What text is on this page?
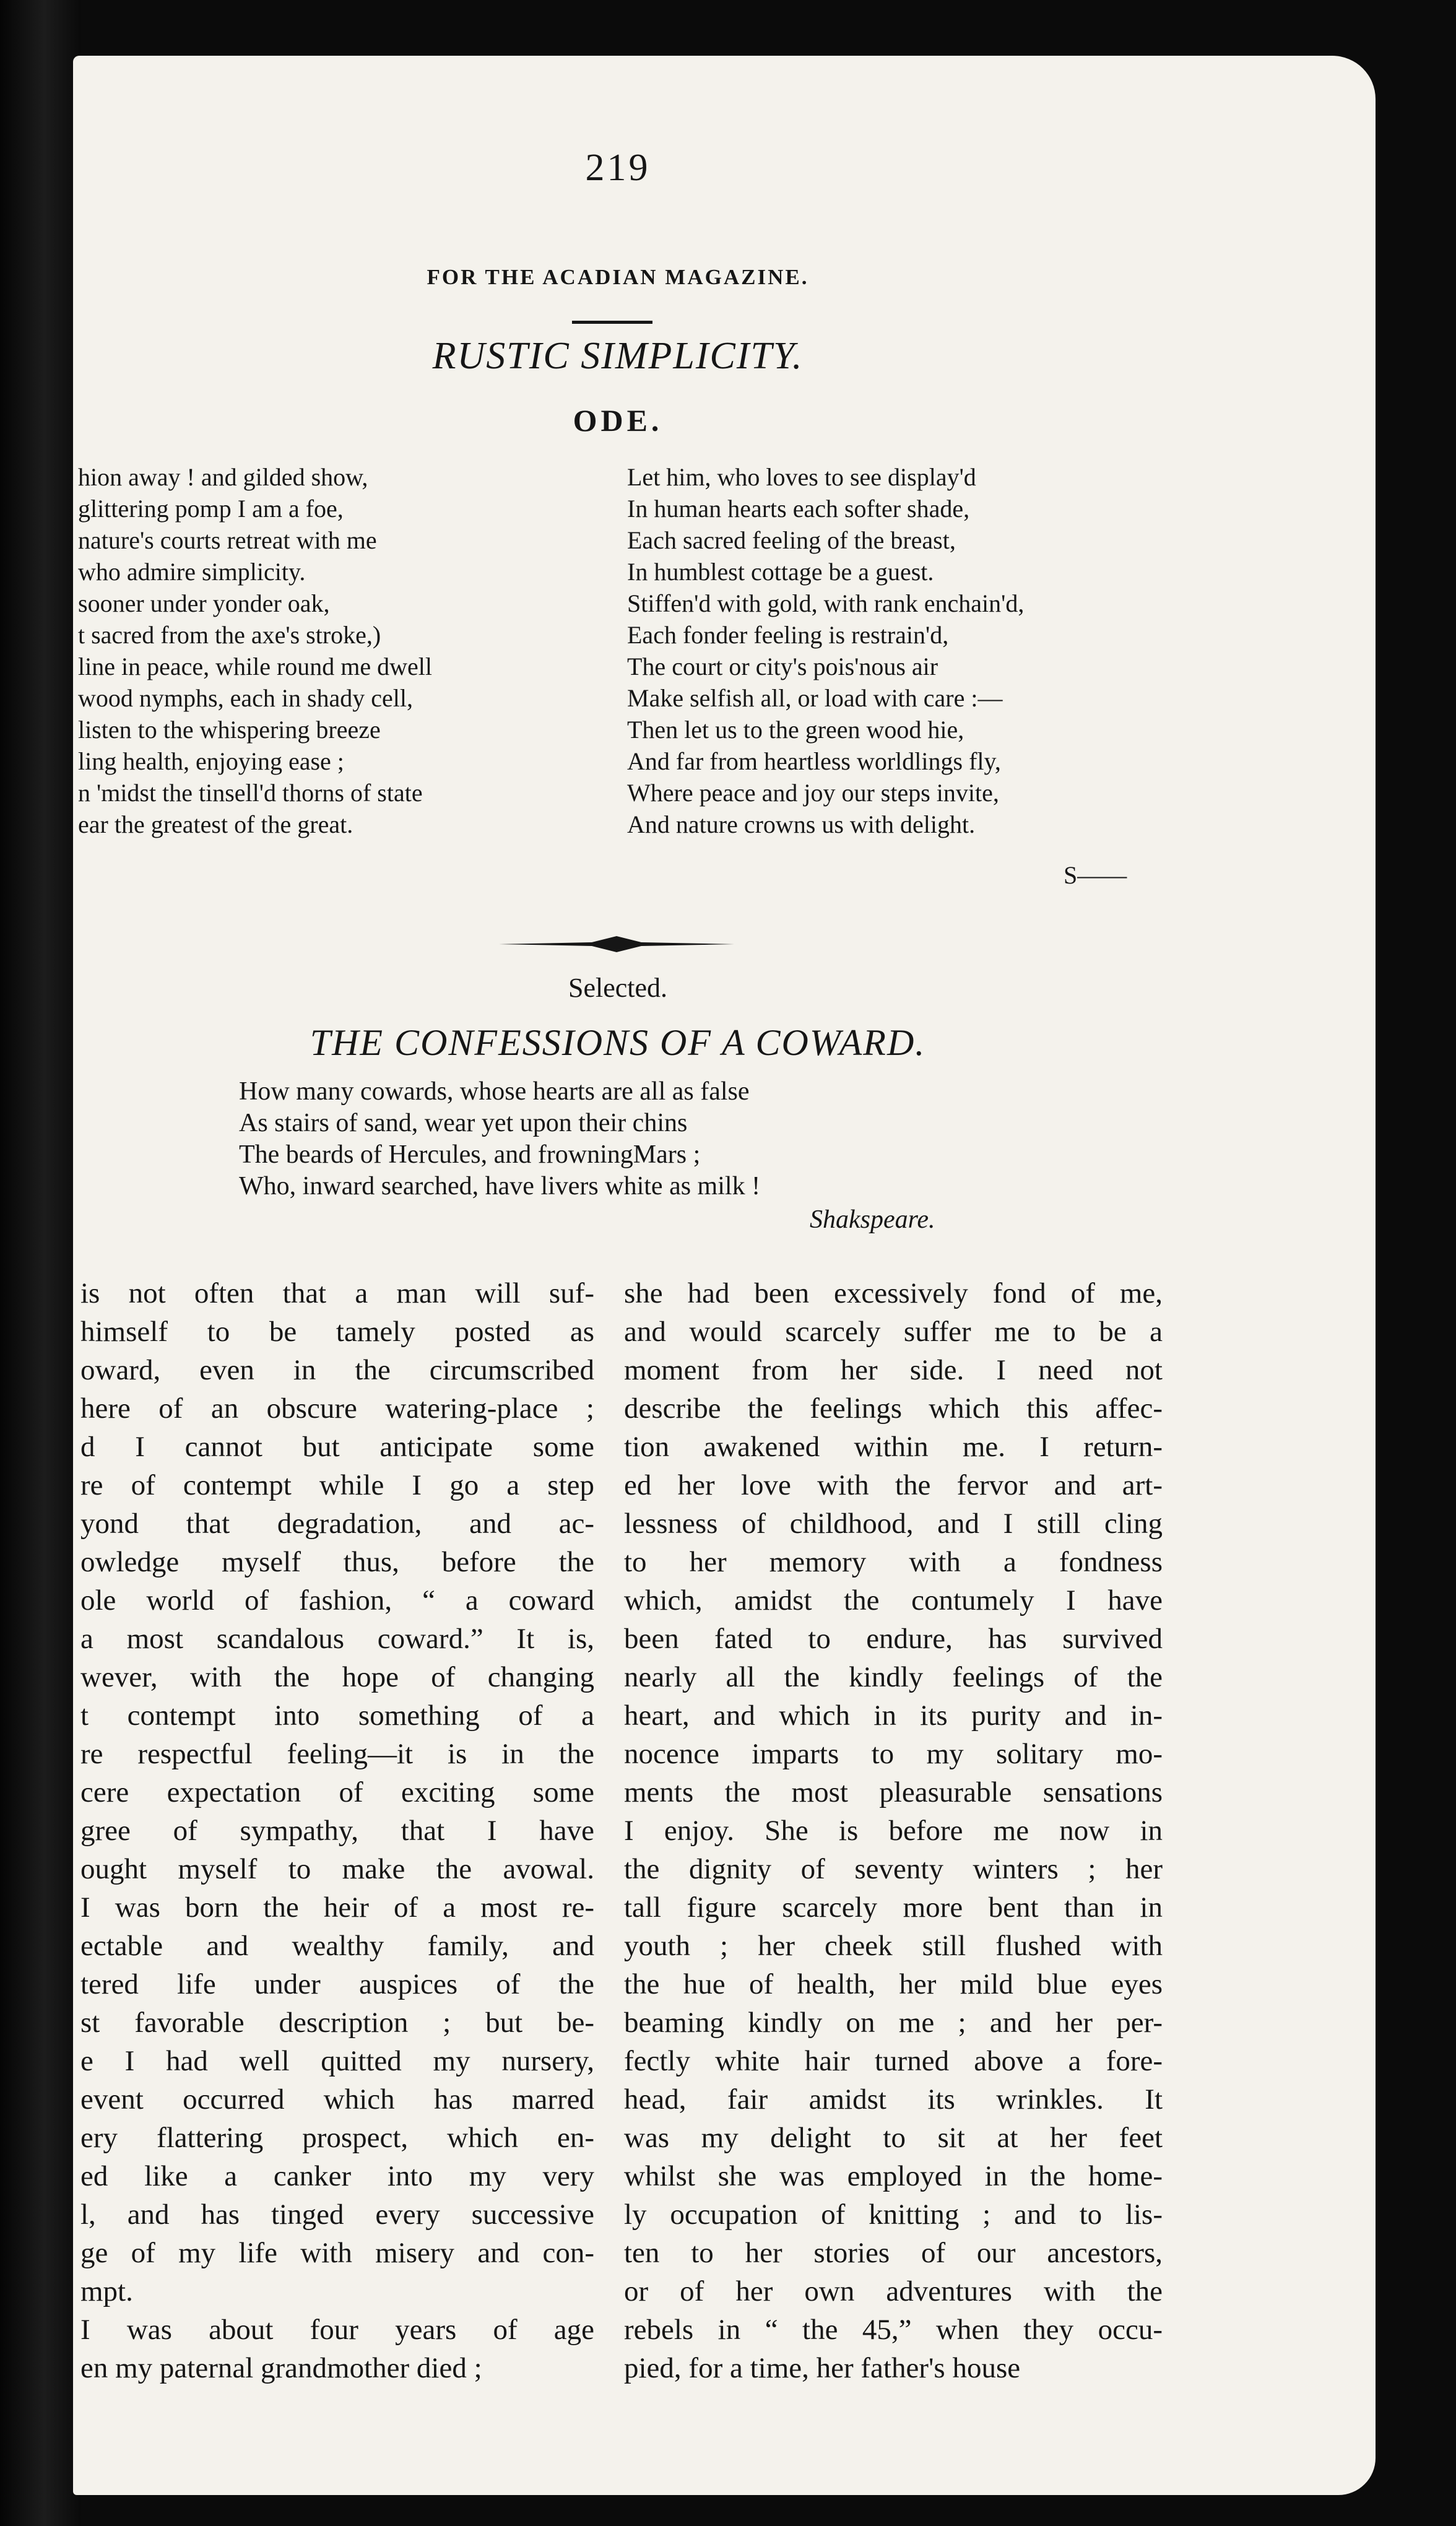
219
FOR THE ACADIAN MAGAZINE.
RUSTIC SIMPLICITY.
ODE.
hion away ! and gilded show,
glittering pomp I am a foe,
nature's courts retreat with me
who admire simplicity.
sooner under yonder oak,
t sacred from the axe's stroke,)
line in peace, while round me dwell
wood nymphs, each in shady cell,
listen to the whispering breeze
ling health, enjoying ease ;
n 'midst the tinsell'd thorns of state
ear the greatest of the great.
Let him, who loves to see display'd
In human hearts each softer shade,
Each sacred feeling of the breast,
In humblest cottage be a guest.
Stiffen'd with gold, with rank enchain'd,
Each fonder feeling is restrain'd,
The court or city's pois'nous air
Make selfish all, or load with care :—
Then let us to the green wood hie,
And far from heartless worldlings fly,
Where peace and joy our steps invite,
And nature crowns us with delight.
S——
Selected.
THE CONFESSIONS OF A COWARD.
How many cowards, whose hearts are all as false
As stairs of sand, wear yet upon their chins
The beards of Hercules, and frowningMars ;
Who, inward searched, have livers white as milk !
Shakspeare.
is not often that a man will suf-
himself to be tamely posted as
oward, even in the circumscribed
here of an obscure watering-place ;
d I cannot but anticipate some
re of contempt while I go a step
yond that degradation, and ac-
owledge myself thus, before the
ole world of fashion, “ a coward
a most scandalous coward.” It is,
wever, with the hope of changing
t contempt into something of a
re respectful feeling—it is in the
cere expectation of exciting some
gree of sympathy, that I have
ought myself to make the avowal.
I was born the heir of a most re-
ectable and wealthy family, and
tered life under auspices of the
st favorable description ; but be-
e I had well quitted my nursery,
event occurred which has marred
ery flattering prospect, which en-
ed like a canker into my very
l, and has tinged every successive
ge of my life with misery and con-
mpt.
I was about four years of age
en my paternal grandmother died ;
she had been excessively fond of me,
and would scarcely suffer me to be a
moment from her side. I need not
describe the feelings which this affec-
tion awakened within me. I return-
ed her love with the fervor and art-
lessness of childhood, and I still cling
to her memory with a fondness
which, amidst the contumely I have
been fated to endure, has survived
nearly all the kindly feelings of the
heart, and which in its purity and in-
nocence imparts to my solitary mo-
ments the most pleasurable sensations
I enjoy. She is before me now in
the dignity of seventy winters ; her
tall figure scarcely more bent than in
youth ; her cheek still flushed with
the hue of health, her mild blue eyes
beaming kindly on me ; and her per-
fectly white hair turned above a fore-
head, fair amidst its wrinkles. It
was my delight to sit at her feet
whilst she was employed in the home-
ly occupation of knitting ; and to lis-
ten to her stories of our ancestors,
or of her own adventures with the
rebels in “ the 45,” when they occu-
pied, for a time, her father's house
